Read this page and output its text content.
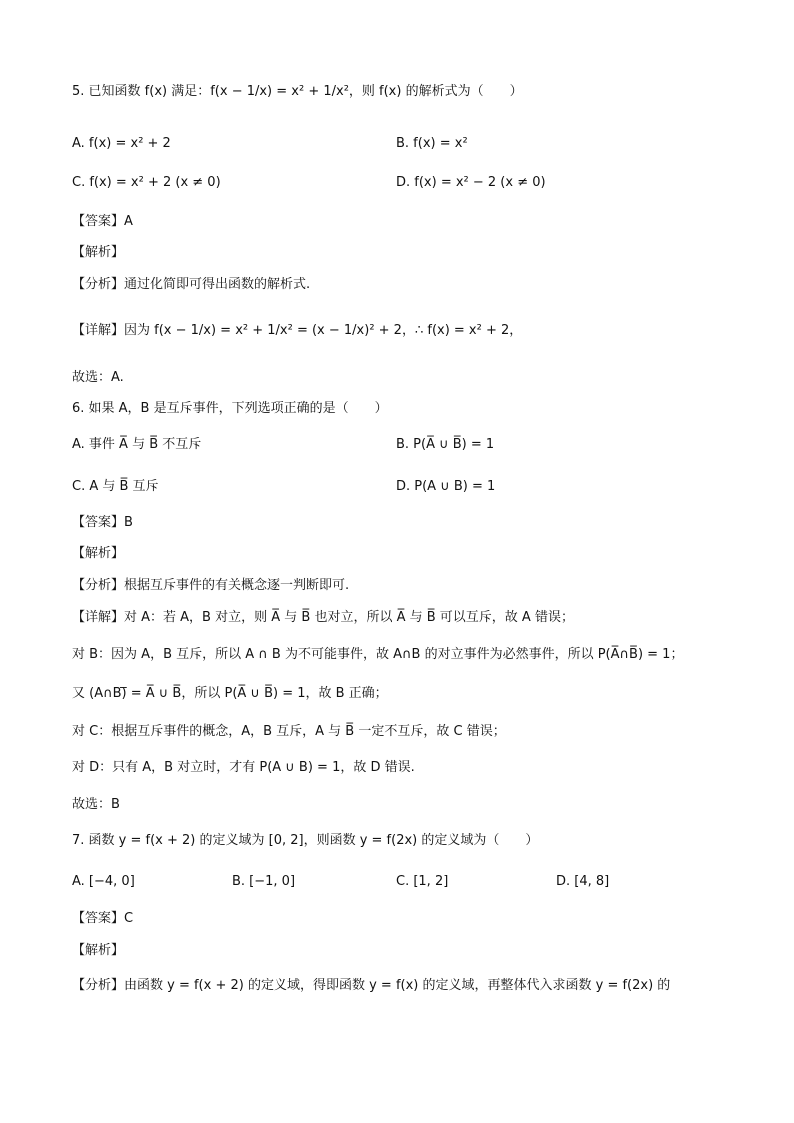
5. 已知函数 f(x) 满足：f(x − 1/x) = x² + 1/x²，则 f(x) 的解析式为（　　）
A. f(x) = x² + 2	B. f(x) = x²
C. f(x) = x² + 2 (x ≠ 0)	D. f(x) = x² − 2 (x ≠ 0)
【答案】A
【解析】
【分析】通过化简即可得出函数的解析式.
【详解】因为 f(x − 1/x) = x² + 1/x² = (x − 1/x)² + 2，∴ f(x) = x² + 2，
故选：A.
6. 如果 A，B 是互斥事件，下列选项正确的是（　　）
A. 事件 A̅ 与 B̅ 不互斥	B. P(A̅ ∪ B̅) = 1
C. A 与 B̅ 互斥	D. P(A ∪ B) = 1
【答案】B
【解析】
【分析】根据互斥事件的有关概念逐一判断即可.
【详解】对 A：若 A，B 对立，则 A̅ 与 B̅ 也对立，所以 A̅ 与 B̅ 可以互斥，故 A 错误；
对 B：因为 A，B 互斥，所以 A ∩ B 为不可能事件，故 A∩B 的对立事件为必然事件，所以 P(A̅∩B̅) = 1；
又 (A∩B)̅ = A̅ ∪ B̅，所以 P(A̅ ∪ B̅) = 1，故 B 正确；
对 C：根据互斥事件的概念，A，B 互斥，A 与 B̅ 一定不互斥，故 C 错误；
对 D：只有 A，B 对立时，才有 P(A ∪ B) = 1，故 D 错误.
故选：B
7. 函数 y = f(x + 2) 的定义域为 [0, 2]，则函数 y = f(2x) 的定义域为（　　）
A. [−4, 0]	B. [−1, 0]	C. [1, 2]	D. [4, 8]
【答案】C
【解析】
【分析】由函数 y = f(x + 2) 的定义域，得即函数 y = f(x) 的定义域，再整体代入求函数 y = f(2x) 的
